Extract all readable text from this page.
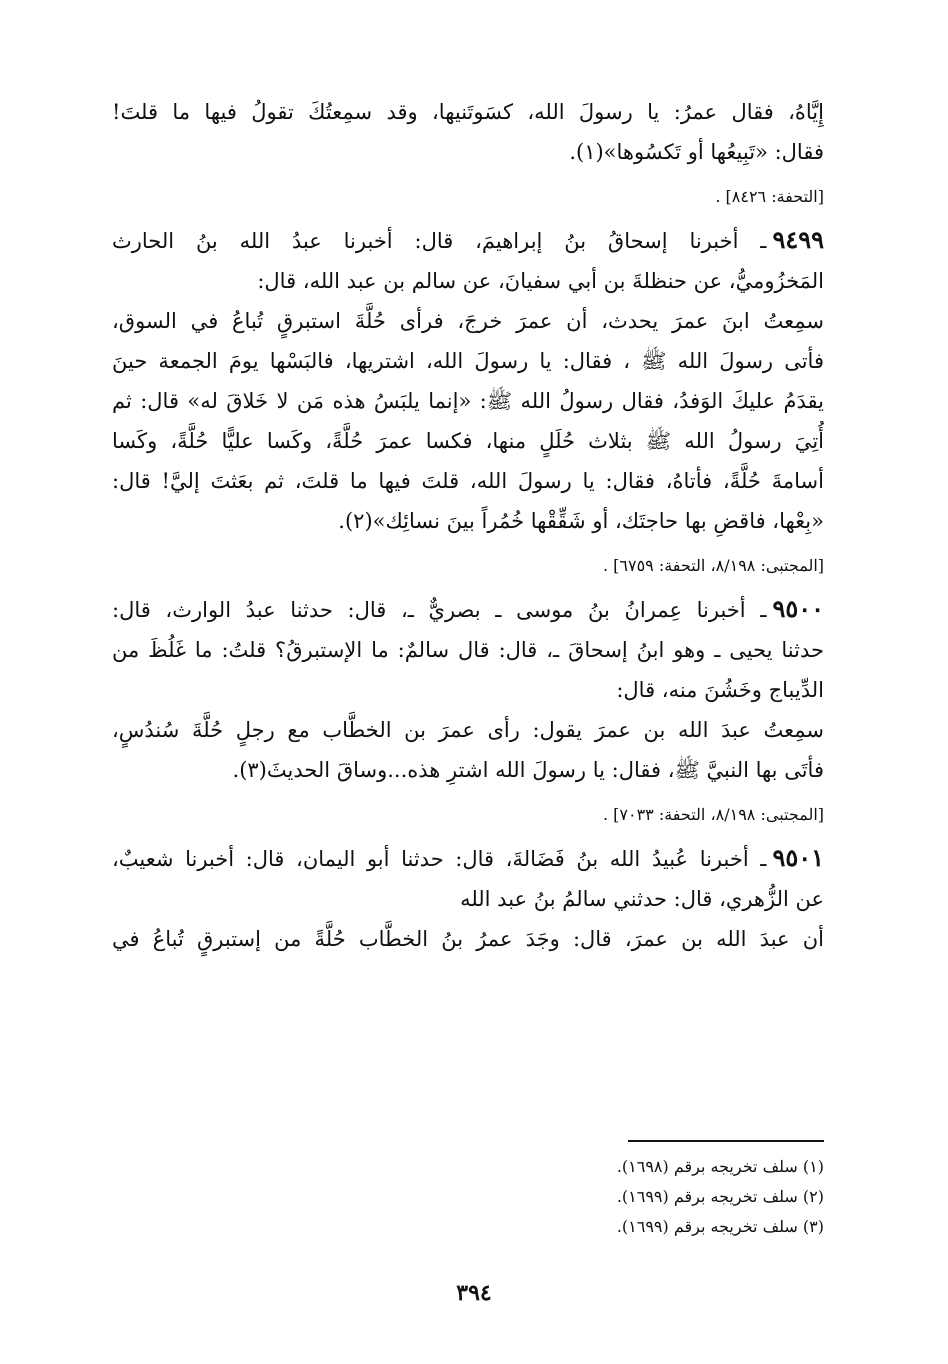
إِيَّاهُ، فقال عمرُ: يا رسولَ الله، كسَوتَنيها، وقد سمِعتُكَ تقولُ فيها ما قلتَ!
فقال: «تَبِيعُها أو تَكسُوها»(١).
[التحفة: ٨٤٢٦] .
٩٤٩٩ـ أخبرنا إسحاقُ بنُ إبراهيمَ، قال: أخبرنا عبدُ الله بنُ الحارث
المَخزُوميُّ، عن حنظلةَ بن أبي سفيانَ، عن سالم بن عبد الله، قال:
سمِعتُ ابنَ عمرَ يحدث، أن عمرَ خرجَ، فرأى حُلَّةَ استبرقٍ تُباعُ في السوق،
فأتى رسولَ الله ﷺ ، فقال: يا رسولَ الله، اشتريها، فالبَسْها يومَ الجمعة حينَ
يقدَمُ عليكَ الوَفدُ، فقال رسولُ الله ﷺ: «إنما يلبَسُ هذه مَن لا خَلاقَ له» قال: ثم
أُتِيَ رسولُ الله ﷺ بثلاث حُلَلٍ منها، فكسا عمرَ حُلَّةً، وكَسا عليًّا حُلَّةً، وكَسا
أسامةَ حُلَّةً، فأتاهُ، فقال: يا رسولَ الله، قلتَ فيها ما قلتَ، ثم بعَثتَ إليَّ! قال:
«بِعْها، فاقضِ بها حاجتَك، أو شَقِّقْها خُمُراً بينَ نسائِك»(٢).
[المجتبى: ٨/١٩٨، التحفة: ٦٧٥٩] .
٩٥٠٠ـ أخبرنا عِمرانُ بنُ موسى ـ بصريٌّ ـ، قال: حدثنا عبدُ الوارث، قال:
حدثنا يحيى ـ وهو ابنُ إسحاقَ ـ، قال: قال سالمٌ: ما الإستبرقُ؟ قلتُ: ما غَلُظَ من
الدِّيباج وخَشُنَ منه، قال:
سمِعتُ عبدَ الله بن عمرَ يقول: رأى عمرَ بن الخطَّاب مع رجلٍ حُلَّةَ سُندُسٍ،
فأتَى بها النبيَّ ﷺ، فقال: يا رسولَ الله اشترِ هذه...وساقَ الحديثَ(٣).
[المجتبى: ٨/١٩٨، التحفة: ٧٠٣٣] .
٩٥٠١ـ أخبرنا عُبيدُ الله بنُ فَضَالةَ، قال: حدثنا أبو اليمان، قال: أخبرنا شعيبٌ،
عن الزُّهري، قال: حدثني سالمُ بنُ عبد الله
أن عبدَ الله بن عمرَ، قال: وجَدَ عمرُ بنُ الخطَّاب حُلَّةً من إستبرقٍ تُباعُ في
(١) سلف تخريجه برقم (١٦٩٨).
(٢) سلف تخريجه برقم (١٦٩٩).
(٣) سلف تخريجه برقم (١٦٩٩).
٣٩٤
